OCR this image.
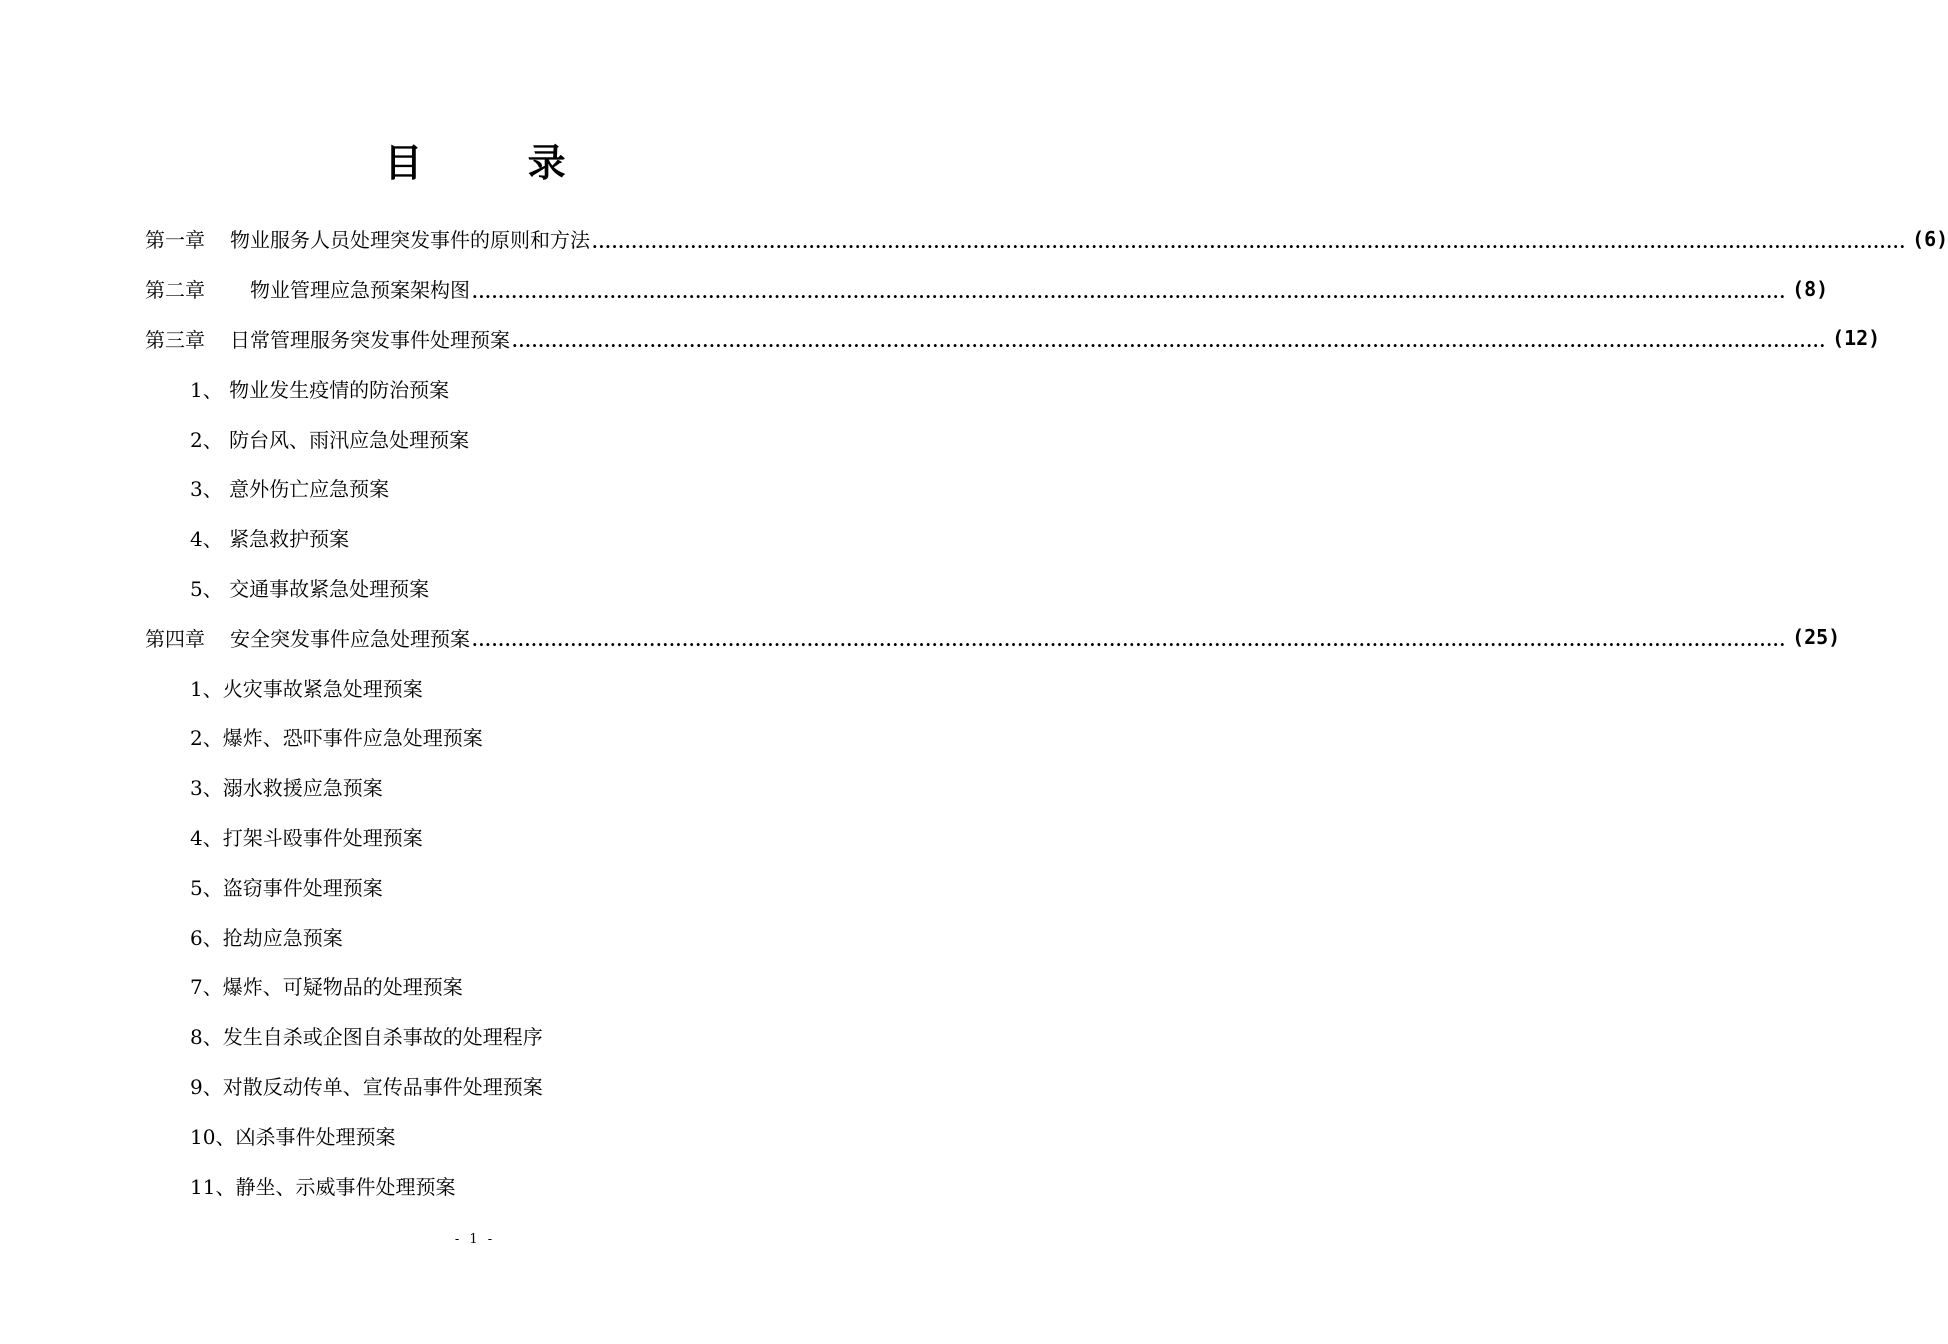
目 录
第一章	物业服务人员处理突发事件的原则和方法 ........................................................................................................................................................................................................ (6)
第二章	　物业管理应急预案架构图 ........................................................................................................................................................................................................ (8)
第三章	日常管理服务突发事件处理预案 ........................................................................................................................................................................................................ (12)
1、 物业发生疫情的防治预案
2、 防台风、雨汛应急处理预案
3、 意外伤亡应急预案
4、 紧急救护预案
5、 交通事故紧急处理预案
第四章	安全突发事件应急处理预案 ........................................................................................................................................................................................................ (25)
1、火灾事故紧急处理预案
2、爆炸、恐吓事件应急处理预案
3、溺水救援应急预案
4、打架斗殴事件处理预案
5、盗窃事件处理预案
6、抢劫应急预案
7、爆炸、可疑物品的处理预案
8、发生自杀或企图自杀事故的处理程序
9、对散反动传单、宣传品事件处理预案
10、凶杀事件处理预案
11、静坐、示威事件处理预案
- 1 -
